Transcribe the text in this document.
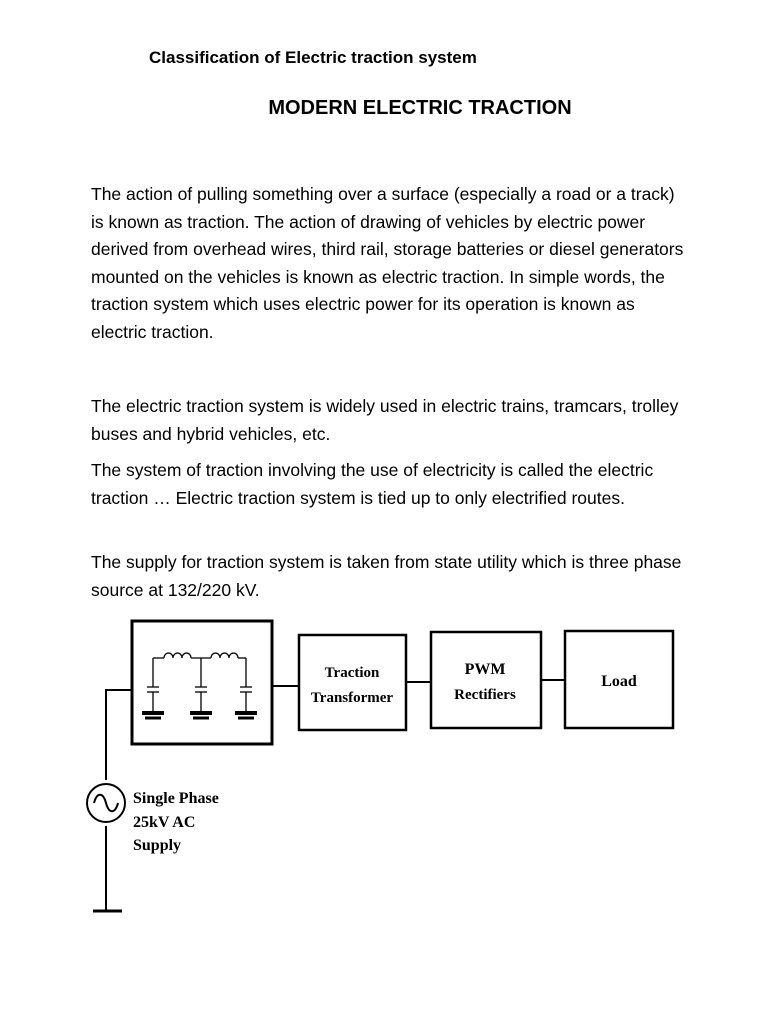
Classification of Electric traction system
MODERN ELECTRIC TRACTION

The action of pulling something over a surface (especially a road or a track) is known as traction. The action of drawing of vehicles by electric power derived from overhead wires, third rail, storage batteries or diesel generators mounted on the vehicles is known as electric traction. In simple words, the traction system which uses electric power for its operation is known as electric traction.

The electric traction system is widely used in electric trains, tramcars, trolley buses and hybrid vehicles, etc.

The system of traction involving the use of electricity is called the electric traction … Electric traction system is tied up to only electrified routes.

The supply for traction system is taken from state utility which is three phase source at 132/220 kV.

Traction
Transformer
PWM
Rectifiers
Load
Single Phase
25kV AC
Supply
